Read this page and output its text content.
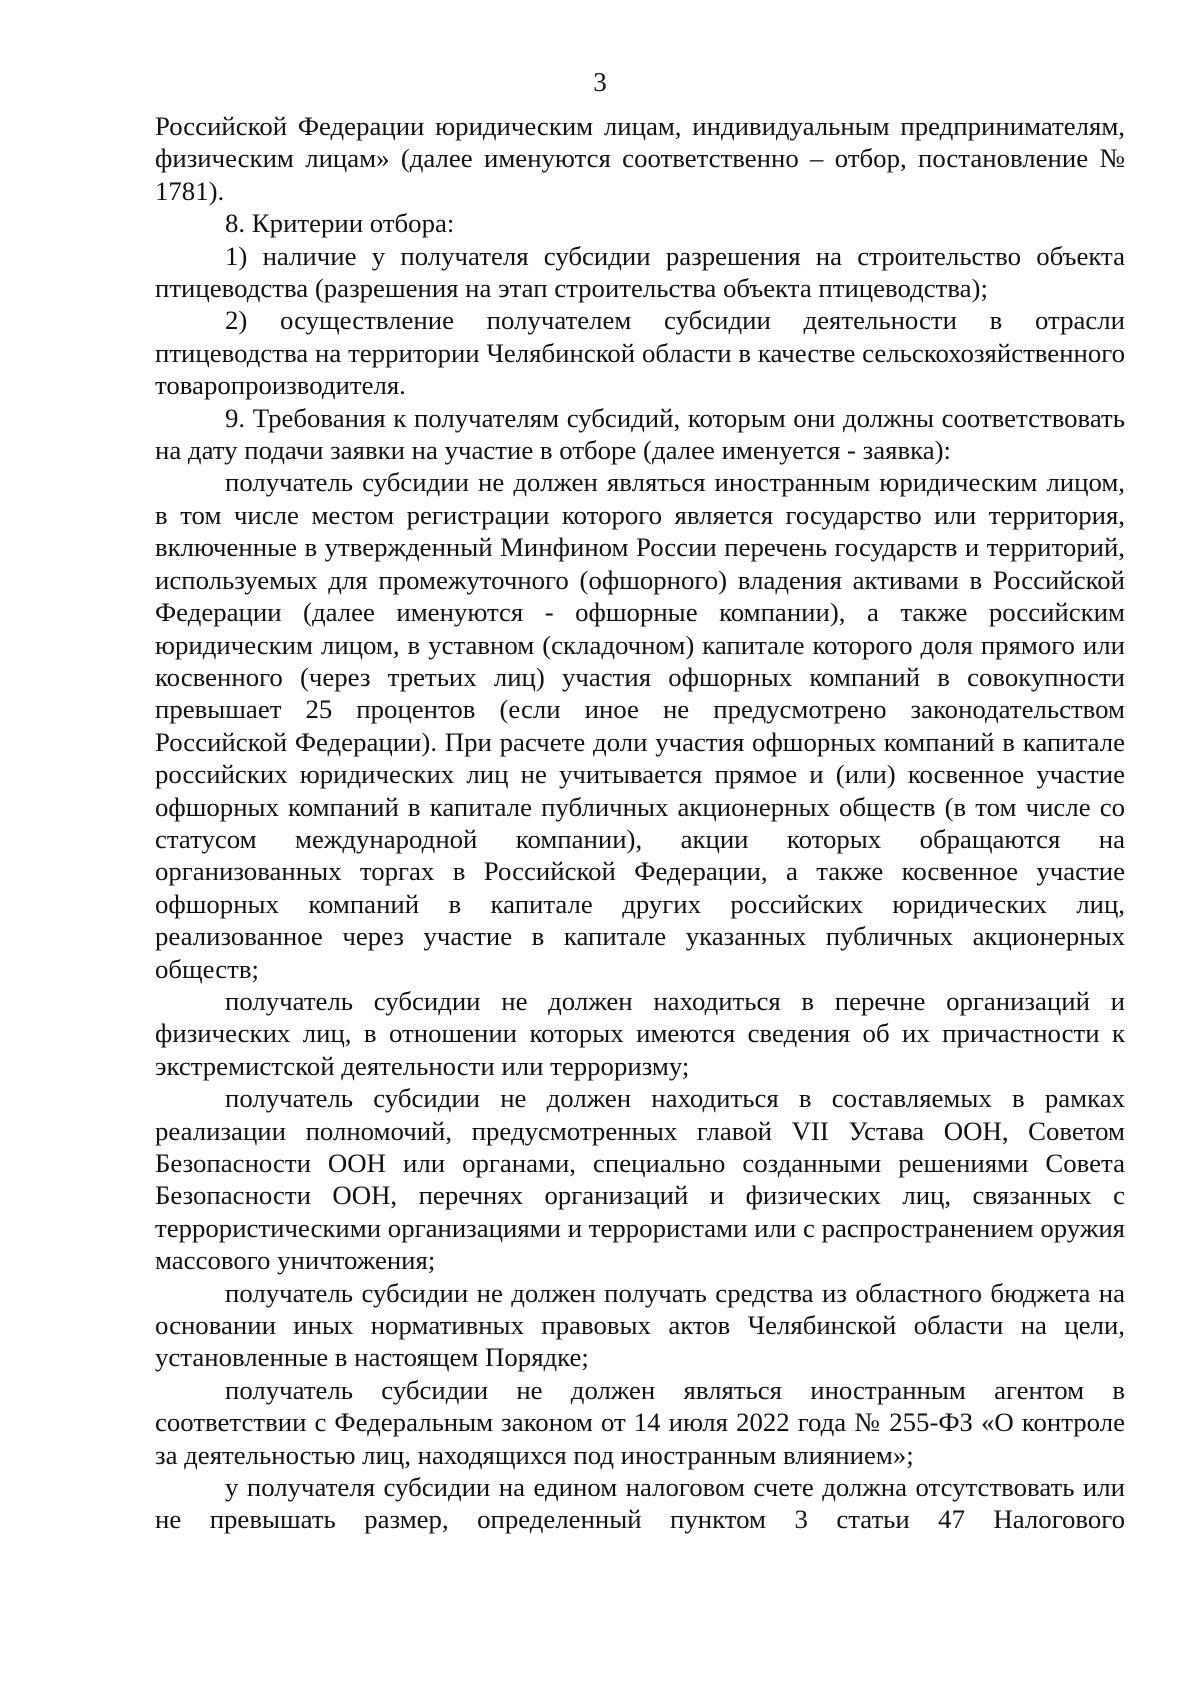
3

Российской Федерации юридическим лицам, индивидуальным предпринимателям, физическим лицам» (далее именуются соответственно – отбор, постановление № 1781).

8. Критерии отбора:

1) наличие у получателя субсидии разрешения на строительство объекта птицеводства (разрешения на этап строительства объекта птицеводства);

2) осуществление получателем субсидии деятельности в отрасли птицеводства на территории Челябинской области в качестве сельскохозяйственного товаропроизводителя.

9. Требования к получателям субсидий, которым они должны соответствовать на дату подачи заявки на участие в отборе (далее именуется - заявка):

получатель субсидии не должен являться иностранным юридическим лицом, в том числе местом регистрации которого является государство или территория, включенные в утвержденный Минфином России перечень государств и территорий, используемых для промежуточного (офшорного) владения активами в Российской Федерации (далее именуются - офшорные компании), а также российским юридическим лицом, в уставном (складочном) капитале которого доля прямого или косвенного (через третьих лиц) участия офшорных компаний в совокупности превышает 25 процентов (если иное не предусмотрено законодательством Российской Федерации). При расчете доли участия офшорных компаний в капитале российских юридических лиц не учитывается прямое и (или) косвенное участие офшорных компаний в капитале публичных акционерных обществ (в том числе со статусом международной компании), акции которых обращаются на организованных торгах в Российской Федерации, а также косвенное участие офшорных компаний в капитале других российских юридических лиц, реализованное через участие в капитале указанных публичных акционерных обществ;

получатель субсидии не должен находиться в перечне организаций и физических лиц, в отношении которых имеются сведения об их причастности к экстремистской деятельности или терроризму;

получатель субсидии не должен находиться в составляемых в рамках реализации полномочий, предусмотренных главой VII Устава ООН, Советом Безопасности ООН или органами, специально созданными решениями Совета Безопасности ООН, перечнях организаций и физических лиц, связанных с террористическими организациями и террористами или с распространением оружия массового уничтожения;

получатель субсидии не должен получать средства из областного бюджета на основании иных нормативных правовых актов Челябинской области на цели, установленные в настоящем Порядке;

получатель субсидии не должен являться иностранным агентом в соответствии с Федеральным законом от 14 июля 2022 года № 255-ФЗ «О контроле за деятельностью лиц, находящихся под иностранным влиянием»;

у получателя субсидии на едином налоговом счете должна отсутствовать или не превышать размер, определенный пунктом 3 статьи 47 Налогового
